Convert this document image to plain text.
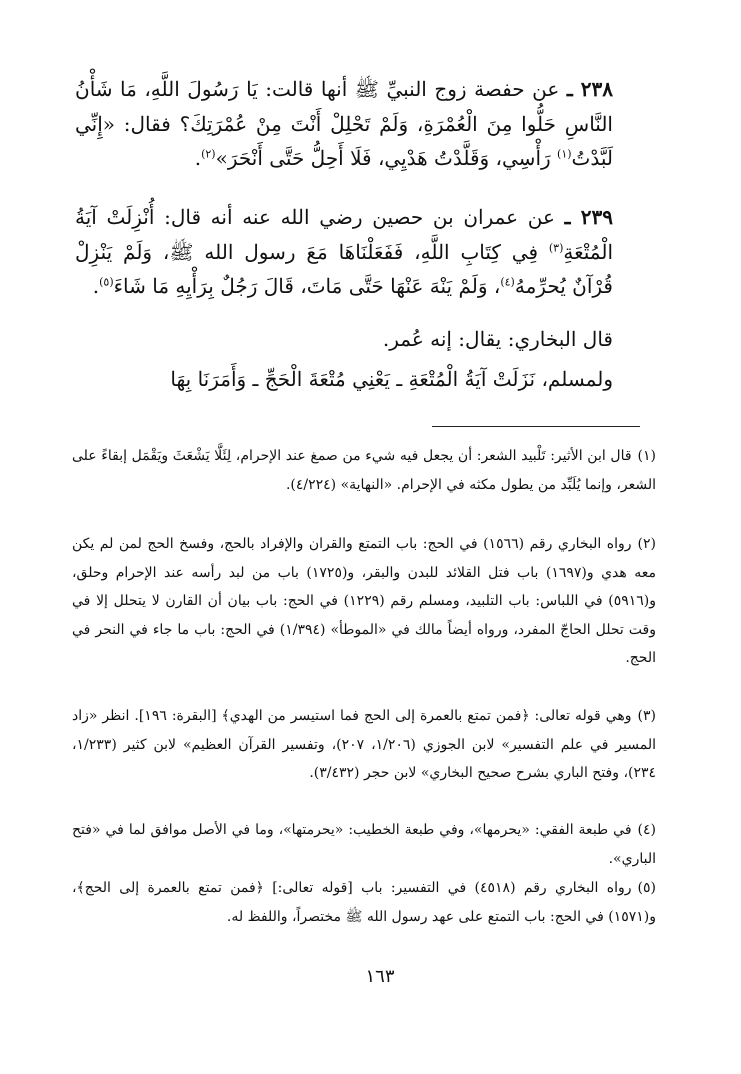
٢٣٨ ـ عن حفصة زوج النبيِّ ﷺ أنها قالت: يَا رَسُولَ اللَّهِ، مَا شَأْنُ النَّاسِ حَلُّوا مِنَ الْعُمْرَةِ، وَلَمْ تَحْلِلْ أَنْتَ مِنْ عُمْرَتِكَ؟ فقال: «إِنِّي لَبَّدْتُ$^{(١)}$ رَأْسِي، وَقَلَّدْتُ هَدْيِي، فَلَا أَحِلُّ حَتَّى أَنْحَرَ»$^{(٢)}$.

٢٣٩ ـ عن عمران بن حصين رضي الله عنه أنه قال: أُنْزِلَتْ آيَةُ الْمُتْعَةِ$^{(٣)}$ فِي كِتَابِ اللَّهِ، فَفَعَلْنَاهَا مَعَ رسول الله ﷺ، وَلَمْ يَنْزِلْ قُرْآنٌ يُحرِّمهُ$^{(٤)}$، وَلَمْ يَنْهَ عَنْهَا حَتَّى مَاتَ، قَالَ رَجُلٌ بِرَأْيِهِ مَا شَاءَ$^{(٥)}$.

قال البخاري: يقال: إنه عُمر.

ولمسلم، نَزَلَتْ آيَةُ الْمُتْعَةِ ـ يَعْنِي مُتْعَةَ الْحَجِّ ـ وَأَمَرَنَا بِهَا

(١)قال ابن الأثير: تَلْبيد الشعر: أن يجعل فيه شيء من صمغ عند الإحرام، لِئَلَّا يَشْعَثَ ويَقْمَل إبقاءً على الشعر، وإنما يُلَبِّد من يطول مكثه في الإحرام. «النهاية» (٤/٢٢٤).

(٢)رواه البخاري رقم (١٥٦٦) في الحج: باب التمتع والقران والإفراد بالحج، وفسخ الحج لمن لم يكن معه هدي و(١٦٩٧) باب فتل القلائد للبدن والبقر، و(١٧٢٥) باب من لبد رأسه عند الإحرام وحلق، و(٥٩١٦) في اللباس: باب التلبيد، ومسلم رقم (١٢٢٩) في الحج: باب بيان أن القارن لا يتحلل إلا في وقت تحلل الحاجّ المفرد، ورواه أيضاً مالك في «الموطأ» (١/٣٩٤) في الحج: باب ما جاء في النحر في الحج.

(٣)وهي قوله تعالى: ﴿فمن تمتع بالعمرة إلى الحج فما استيسر من الهدي﴾ [البقرة: ١٩٦]. انظر «زاد المسير في علم التفسير» لابن الجوزي (١/٢٠٦، ٢٠٧)، وتفسير القرآن العظيم» لابن كثير (١/٢٣٣، ٢٣٤)، وفتح الباري بشرح صحيح البخاري» لابن حجر (٣/٤٣٢).

(٤)في طبعة الفقي: «يحرمها»، وفي طبعة الخطيب: «يحرمتها»، وما في الأصل موافق لما في «فتح الباري».

(٥)رواه البخاري رقم (٤٥١٨) في التفسير: باب [قوله تعالى:] ﴿فمن تمتع بالعمرة إلى الحج﴾، و(١٥٧١) في الحج: باب التمتع على عهد رسول الله ﷺ مختصراً، واللفظ له.

١٦٣
